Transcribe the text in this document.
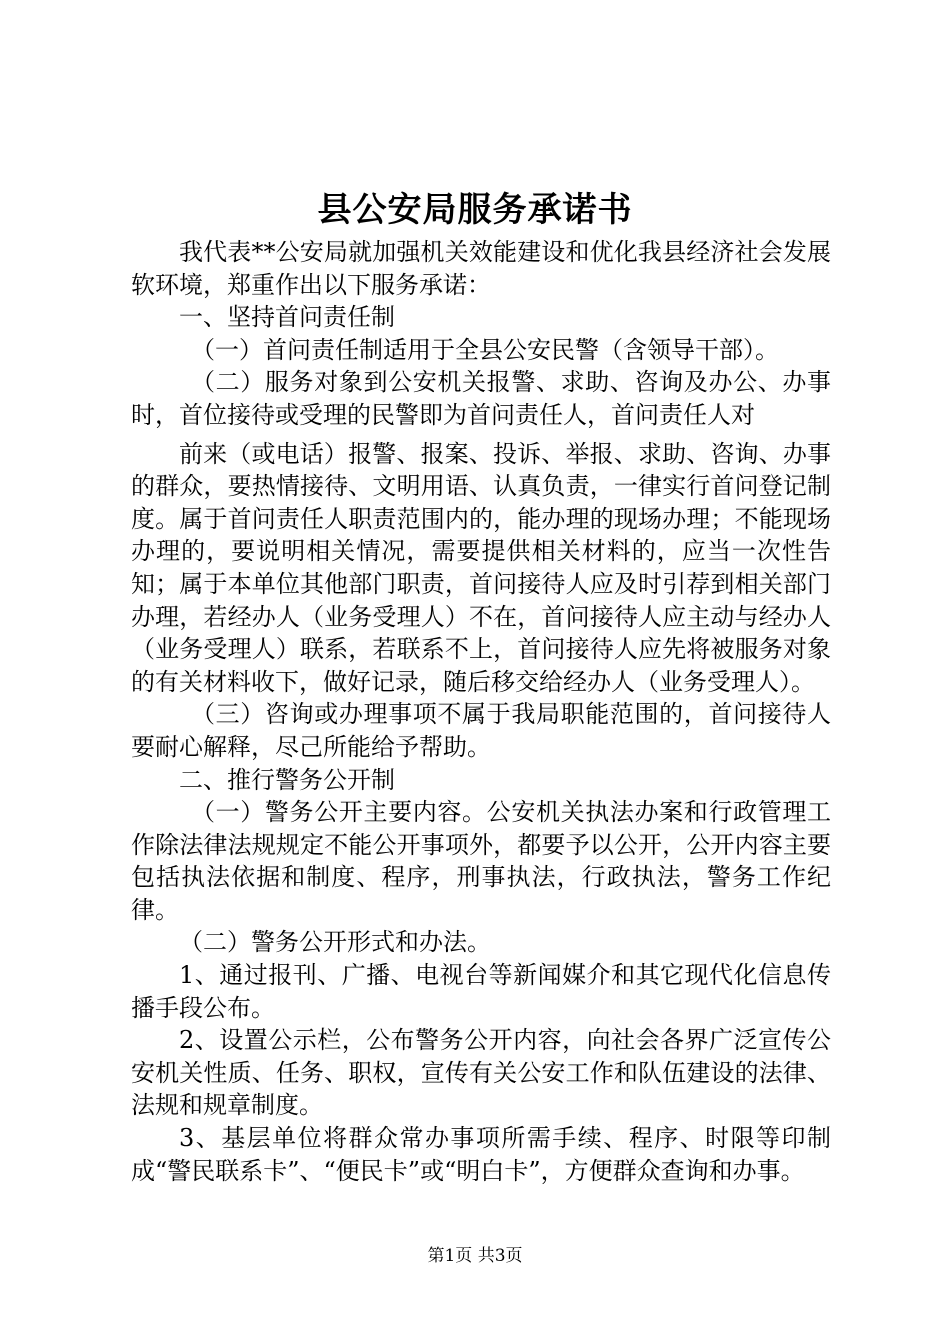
县公安局服务承诺书

我代表**公安局就加强机关效能建设和优化我县经济社会发展软环境，郑重作出以下服务承诺：

一、坚持首问责任制

（一）首问责任制适用于全县公安民警（含领导干部）。

（二）服务对象到公安机关报警、求助、咨询及办公、办事时，首位接待或受理的民警即为首问责任人，首问责任人对

前来（或电话）报警、报案、投诉、举报、求助、咨询、办事的群众，要热情接待、文明用语、认真负责，一律实行首问登记制度。属于首问责任人职责范围内的，能办理的现场办理；不能现场办理的，要说明相关情况，需要提供相关材料的，应当一次性告知；属于本单位其他部门职责，首问接待人应及时引荐到相关部门办理，若经办人（业务受理人）不在，首问接待人应主动与经办人（业务受理人）联系，若联系不上，首问接待人应先将被服务对象的有关材料收下，做好记录，随后移交给经办人（业务受理人）。

（三）咨询或办理事项不属于我局职能范围的，首问接待人要耐心解释，尽己所能给予帮助。

二、推行警务公开制

（一）警务公开主要内容。公安机关执法办案和行政管理工作除法律法规规定不能公开事项外，都要予以公开，公开内容主要包括执法依据和制度、程序，刑事执法，行政执法，警务工作纪律。

（二）警务公开形式和办法。

1、通过报刊、广播、电视台等新闻媒介和其它现代化信息传播手段公布。

2、设置公示栏，公布警务公开内容，向社会各界广泛宣传公安机关性质、任务、职权，宣传有关公安工作和队伍建设的法律、法规和规章制度。

3、基层单位将群众常办事项所需手续、程序、时限等印制成“警民联系卡”、“便民卡”或“明白卡”，方便群众查询和办事。

第1页 共3页
